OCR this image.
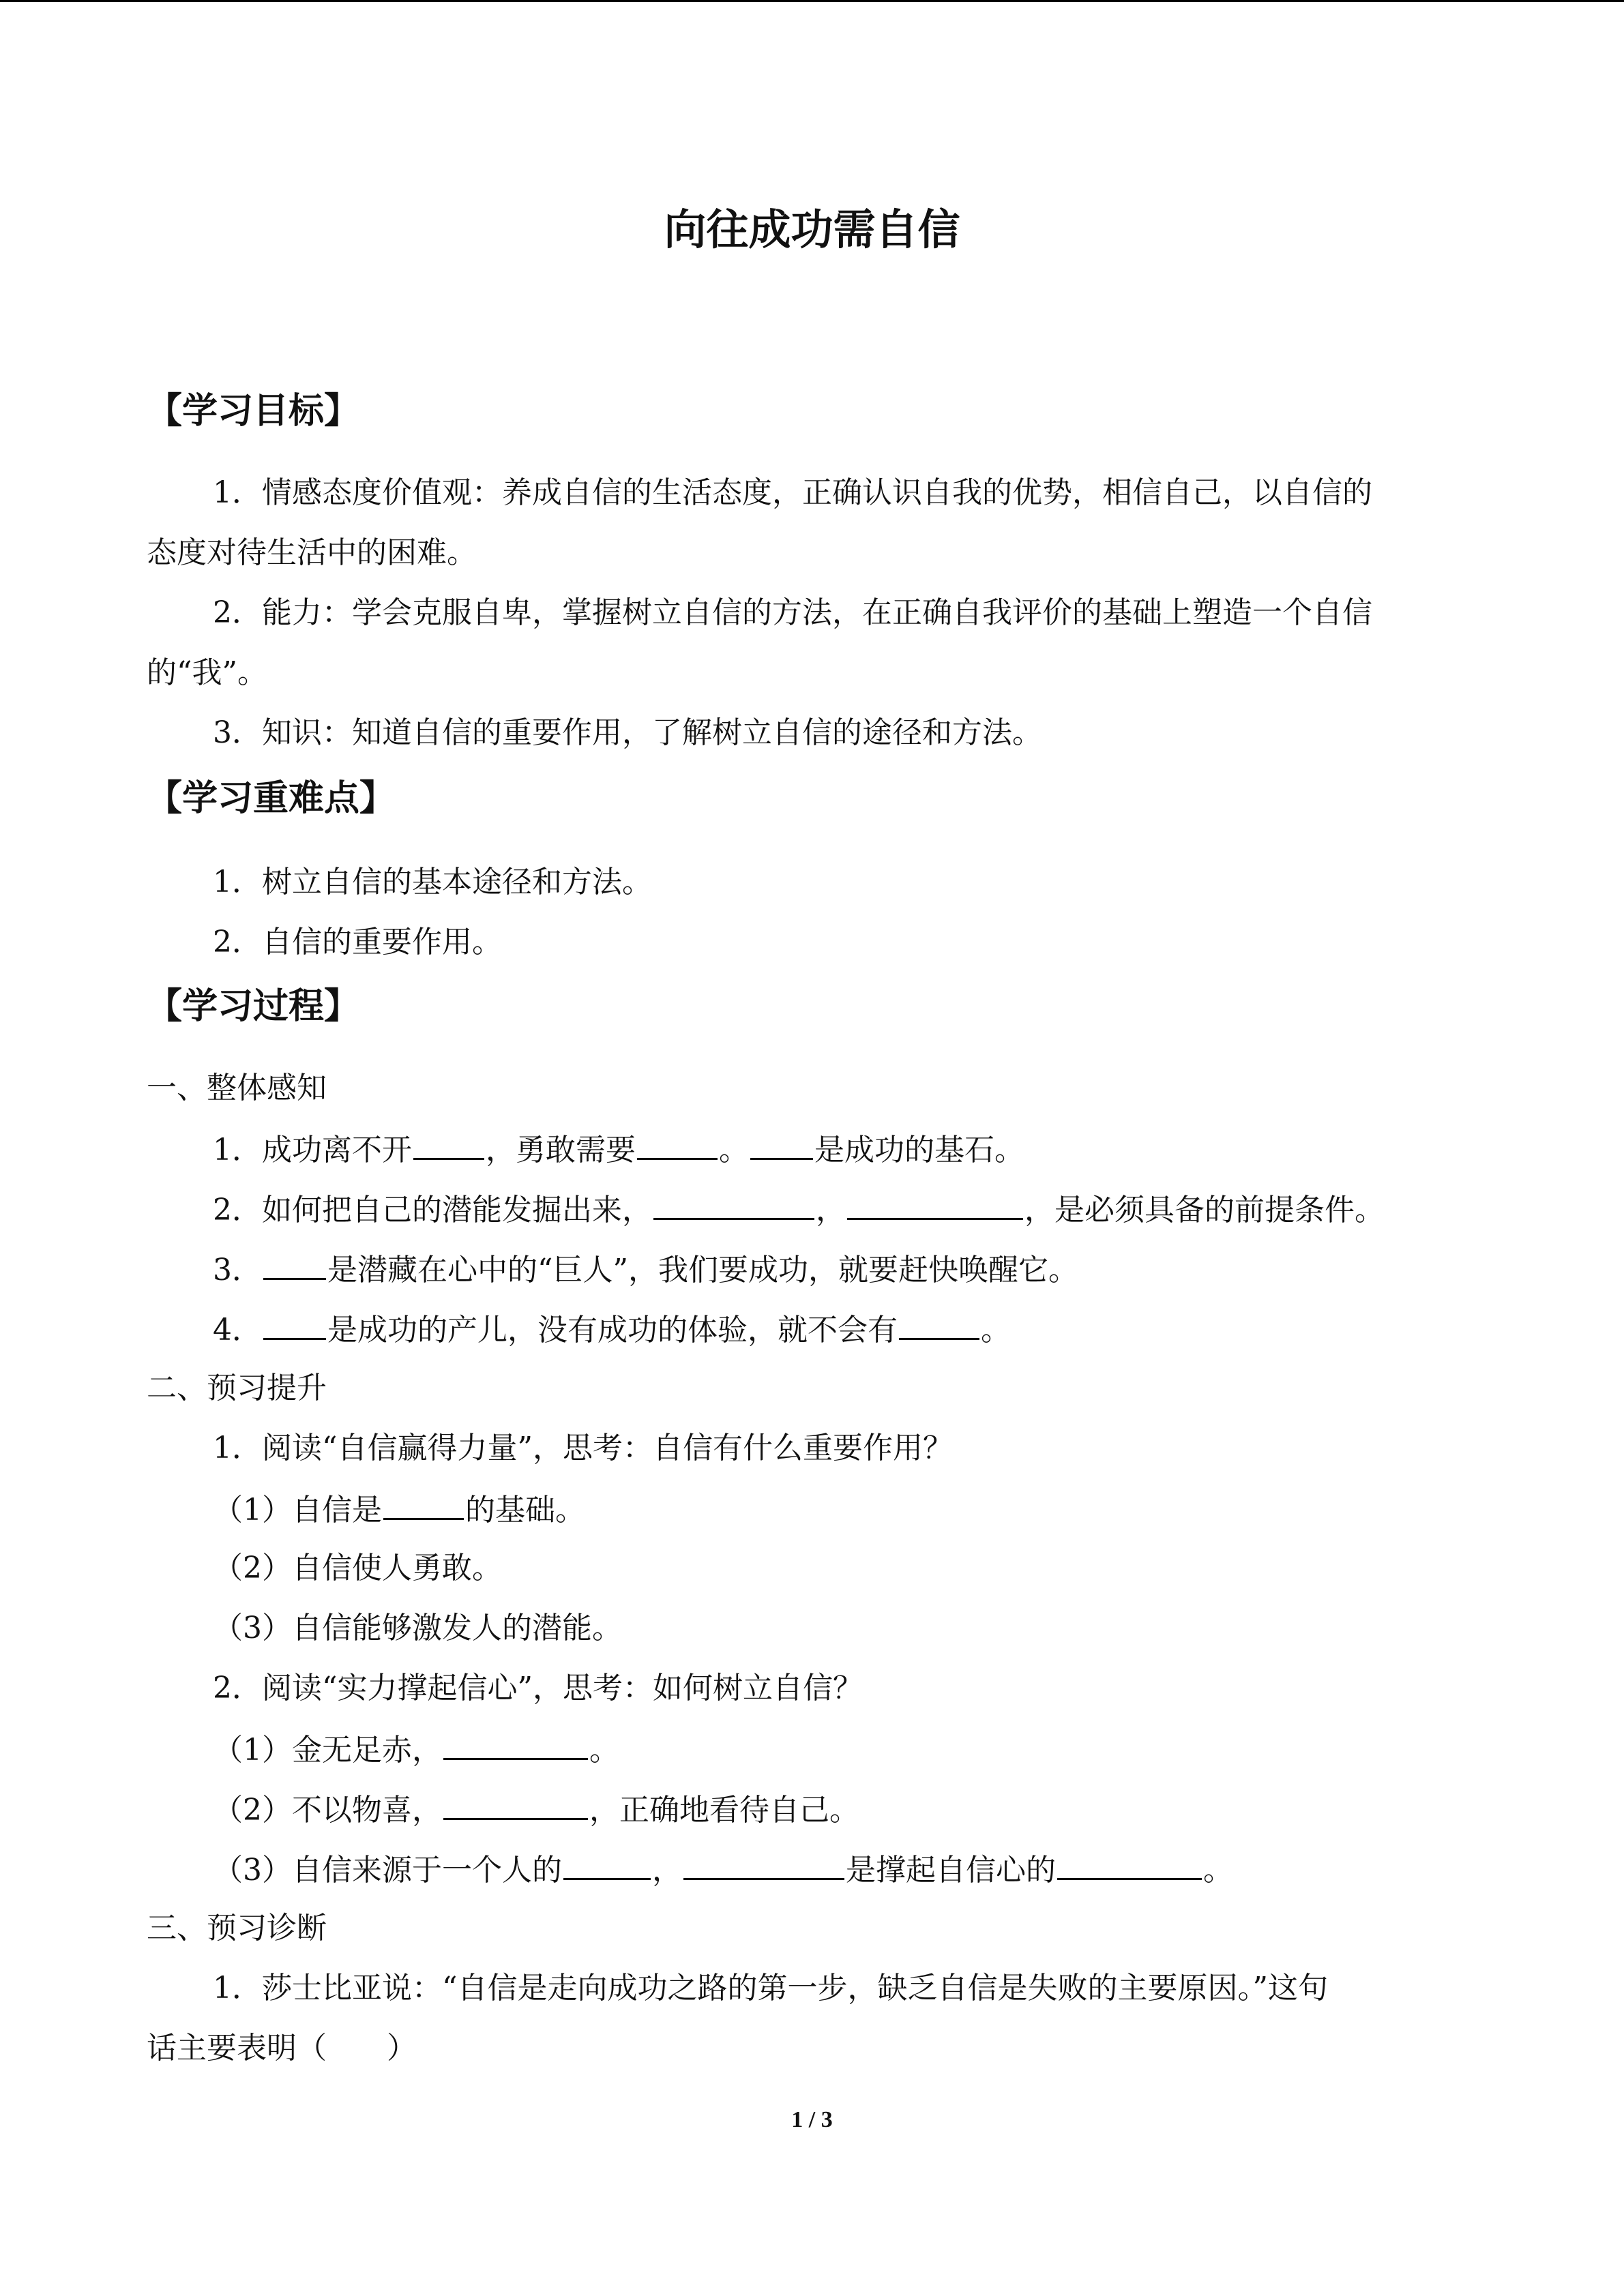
向往成功需自信
【学习目标】
1．情感态度价值观：养成自信的生活态度，正确认识自我的优势，相信自己，以自信的
态度对待生活中的困难。
2．能力：学会克服自卑，掌握树立自信的方法，在正确自我评价的基础上塑造一个自信
的“我”。
3．知识：知道自信的重要作用，了解树立自信的途径和方法。
【学习重难点】
1．树立自信的基本途径和方法。
2．自信的重要作用。
【学习过程】
一、整体感知
1．成功离不开 ，勇敢需要	。 是成功的基石。
2．如何把自己的潜能发掘出来，	，	，是必须具备的前提条件。
3． 是潜藏在心中的“巨人”，我们要成功，就要赶快唤醒它。
4． 是成功的产儿，没有成功的体验，就不会有	。
二、预习提升
1．阅读“自信赢得力量”，思考：自信有什么重要作用？
（1）自信是	的基础。
（2）自信使人勇敢。
（3）自信能够激发人的潜能。
2．阅读“实力撑起信心”，思考：如何树立自信？
（1）金无足赤，	。
（2）不以物喜，	，正确地看待自己。
（3）自信来源于一个人的	，	是撑起自信心的	。
三、预习诊断
1．莎士比亚说：“自信是走向成功之路的第一步，缺乏自信是失败的主要原因。”这句
话主要表明（　　）
1 / 3
